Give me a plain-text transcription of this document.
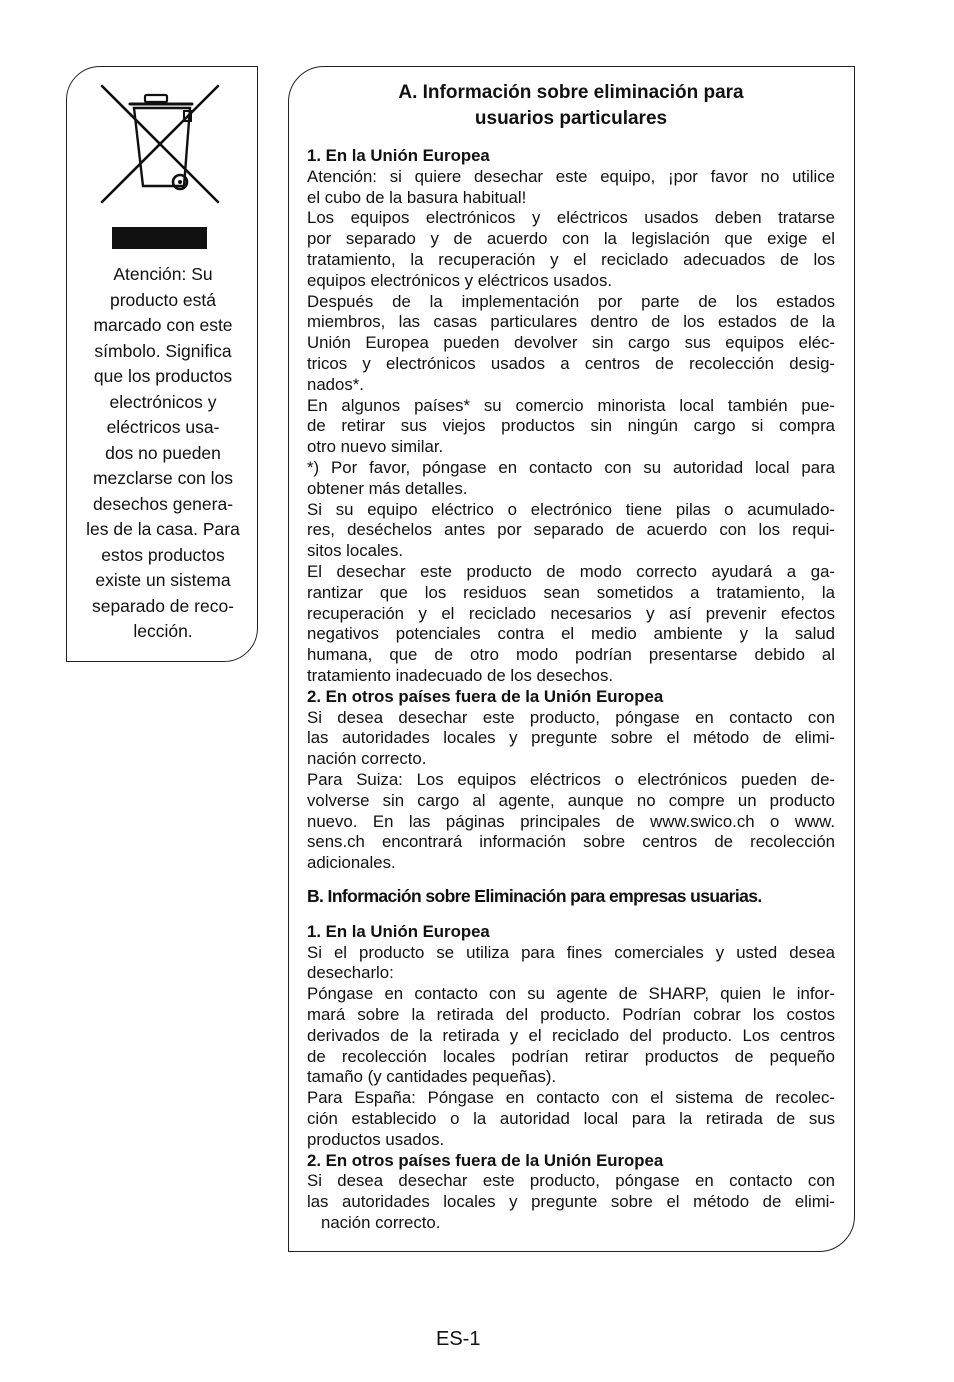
Atención: Su
producto está
marcado con este
símbolo. Significa
que los productos
electrónicos y
eléctricos usa-
dos no pueden
mezclarse con los
desechos genera-
les de la casa. Para
estos productos
existe un sistema
separado de reco-
lección.
A. Información sobre eliminación para
usuarios particulares
1. En la Unión Europea
Atención: si quiere desechar este equipo, ¡por favor no utilice
el cubo de la basura habitual!
Los equipos electrónicos y eléctricos usados deben tratarse
por separado y de acuerdo con la legislación que exige el
tratamiento, la recuperación y el reciclado adecuados de los
equipos electrónicos y eléctricos usados.
Después de la implementación por parte de los estados
miembros, las casas particulares dentro de los estados de la
Unión Europea pueden devolver sin cargo sus equipos eléc-
tricos y electrónicos usados a centros de recolección desig-
nados*.
En algunos países* su comercio minorista local también pue-
de retirar sus viejos productos sin ningún cargo si compra
otro nuevo similar.
*) Por favor, póngase en contacto con su autoridad local para
obtener más detalles.
Si su equipo eléctrico o electrónico tiene pilas o acumulado-
res, deséchelos antes por separado de acuerdo con los requi-
sitos locales.
El desechar este producto de modo correcto ayudará a ga-
rantizar que los residuos sean sometidos a tratamiento, la
recuperación y el reciclado necesarios y así prevenir efectos
negativos potenciales contra el medio ambiente y la salud
humana, que de otro modo podrían presentarse debido al
tratamiento inadecuado de los desechos.
2. En otros países fuera de la Unión Europea
Si desea desechar este producto, póngase en contacto con
las autoridades locales y pregunte sobre el método de elimi-
nación correcto.
Para Suiza: Los equipos eléctricos o electrónicos pueden de-
volverse sin cargo al agente, aunque no compre un producto
nuevo. En las páginas principales de www.swico.ch o www.
sens.ch encontrará información sobre centros de recolección
adicionales.
B. Información sobre Eliminación para empresas usuarias.
1. En la Unión Europea
Si el producto se utiliza para fines comerciales y usted desea
desecharlo:
Póngase en contacto con su agente de SHARP, quien le infor-
mará sobre la retirada del producto. Podrían cobrar los costos
derivados de la retirada y el reciclado del producto. Los centros
de recolección locales podrían retirar productos de pequeño
tamaño (y cantidades pequeñas).
Para España: Póngase en contacto con el sistema de recolec-
ción establecido o la autoridad local para la retirada de sus
productos usados.
2. En otros países fuera de la Unión Europea
Si desea desechar este producto, póngase en contacto con
las autoridades locales y pregunte sobre el método de elimi-
nación correcto.
ES-1
